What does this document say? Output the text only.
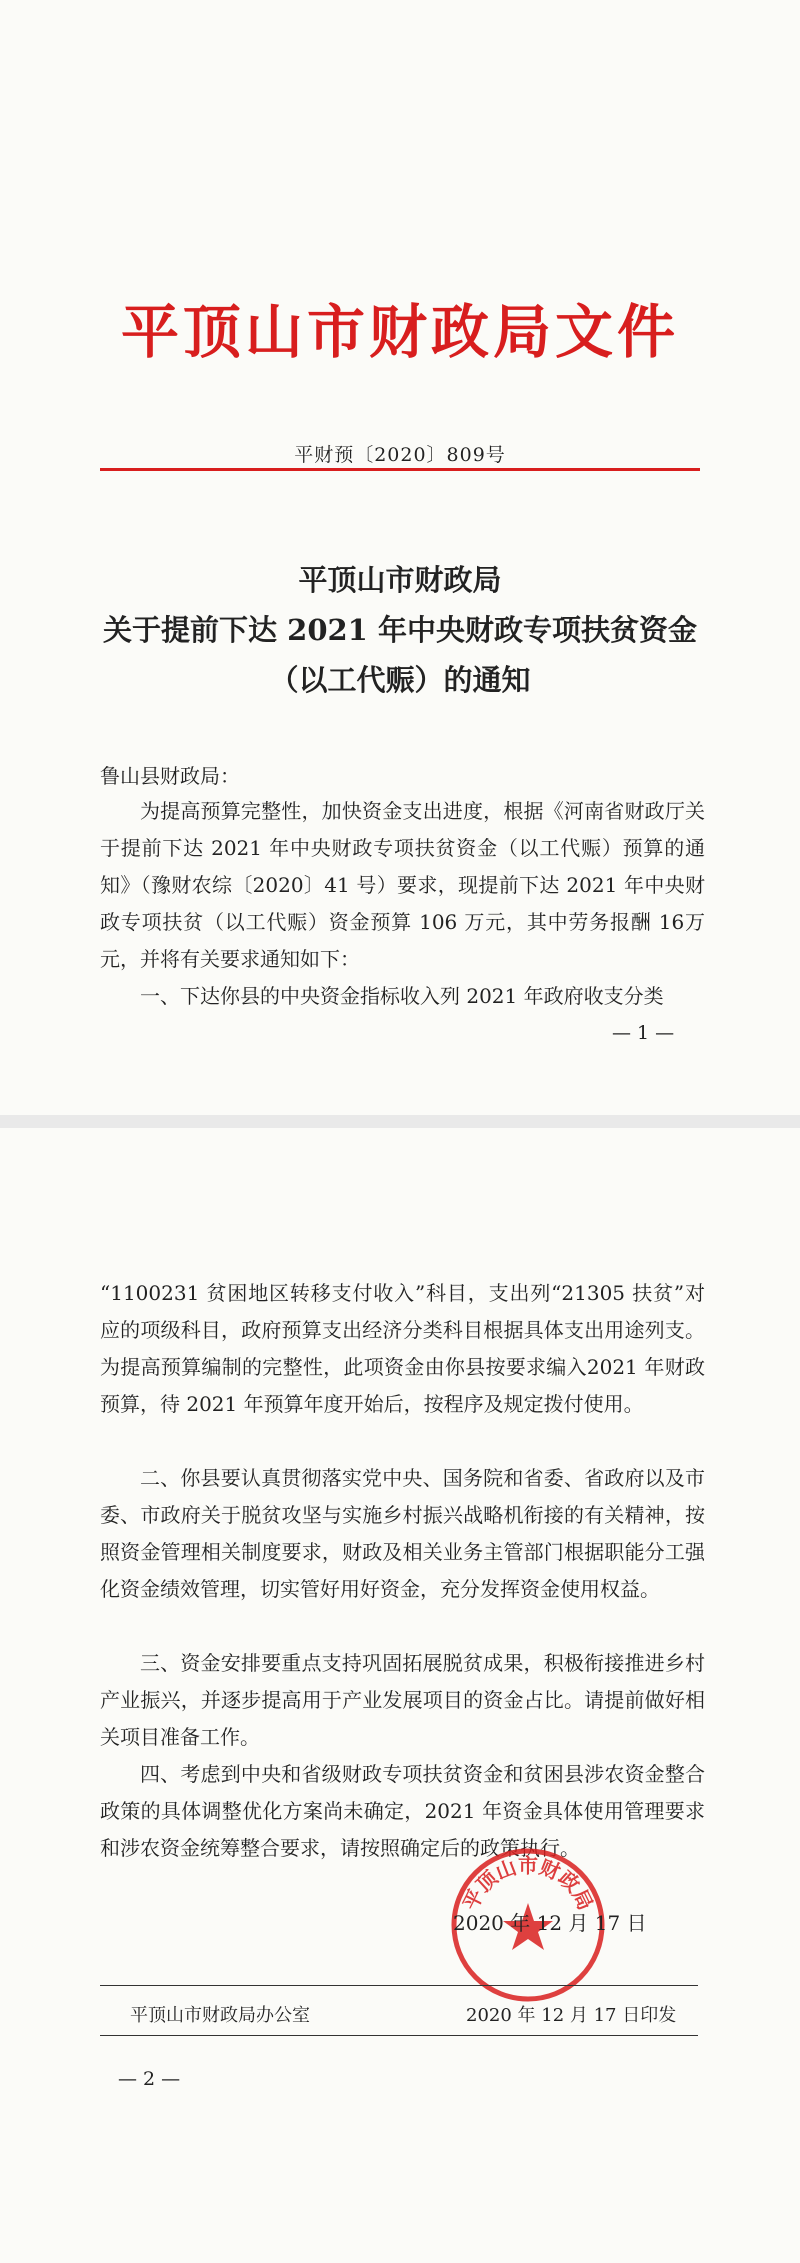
平顶山市财政局文件
平财预〔2020〕809号
平顶山市财政局
关于提前下达 2021 年中央财政专项扶贫资金
（以工代赈）的通知
鲁山县财政局：

为提高预算完整性，加快资金支出进度，根据《河南省财政厅关于提前下达 2021 年中央财政专项扶贫资金（以工代赈）预算的通知》（豫财农综〔2020〕41 号）要求，现提前下达 2021 年中央财政专项扶贫（以工代赈）资金预算 106 万元，其中劳务报酬 16万元，并将有关要求通知如下：

一、下达你县的中央资金指标收入列 2021 年政府收支分类

— 1 —

“1100231 贫困地区转移支付收入”科目，支出列“21305 扶贫”对应的项级科目，政府预算支出经济分类科目根据具体支出用途列支。为提高预算编制的完整性，此项资金由你县按要求编入2021 年财政预算，待 2021 年预算年度开始后，按程序及规定拨付使用。

二、你县要认真贯彻落实党中央、国务院和省委、省政府以及市委、市政府关于脱贫攻坚与实施乡村振兴战略机衔接的有关精神，按照资金管理相关制度要求，财政及相关业务主管部门根据职能分工强化资金绩效管理，切实管好用好资金，充分发挥资金使用权益。

三、资金安排要重点支持巩固拓展脱贫成果，积极衔接推进乡村产业振兴，并逐步提高用于产业发展项目的资金占比。请提前做好相关项目准备工作。

四、考虑到中央和省级财政专项扶贫资金和贫困县涉农资金整合政策的具体调整优化方案尚未确定，2021 年资金具体使用管理要求和涉农资金统筹整合要求，请按照确定后的政策执行。

平顶山市财政局
2020 年 12 月 17 日
平顶山市财政局办公室	2020 年 12 月 17 日印发
— 2 —
